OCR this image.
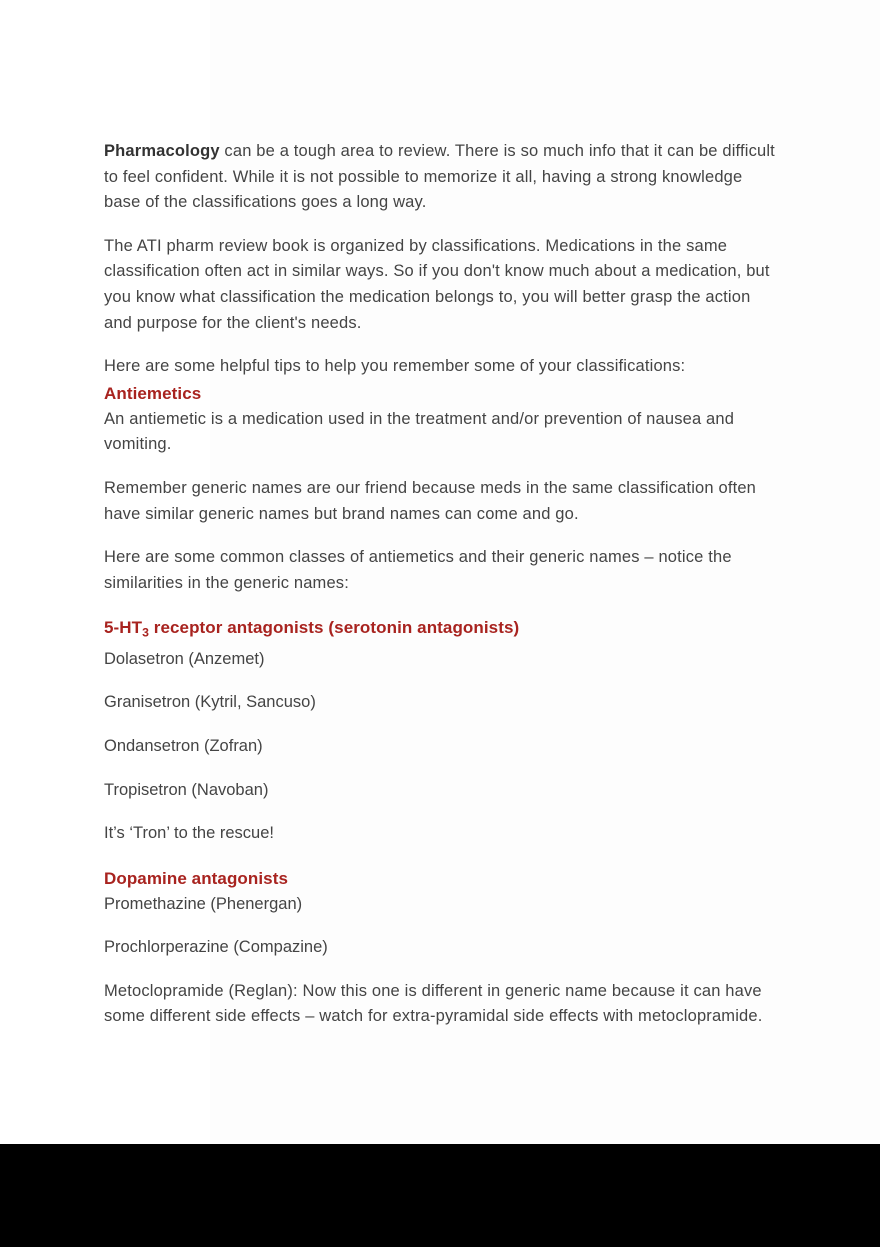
Pharmacology can be a tough area to review. There is so much info that it can be difficult to feel confident. While it is not possible to memorize it all, having a strong knowledge base of the classifications goes a long way.

The ATI pharm review book is organized by classifications. Medications in the same classification often act in similar ways. So if you don't know much about a medication, but you know what classification the medication belongs to, you will better grasp the action and purpose for the client's needs.

Here are some helpful tips to help you remember some of your classifications:

Antiemetics

An antiemetic is a medication used in the treatment and/or prevention of nausea and vomiting.

Remember generic names are our friend because meds in the same classification often have similar generic names but brand names can come and go.

Here are some common classes of antiemetics and their generic names – notice the similarities in the generic names:

$5-HT_3$ receptor antagonists (serotonin antagonists)

Dolasetron (Anzemet)

Granisetron (Kytril, Sancuso)

Ondansetron (Zofran)

Tropisetron (Navoban)

It’s ‘Tron’ to the rescue!

Dopamine antagonists

Promethazine (Phenergan)

Prochlorperazine (Compazine)

Metoclopramide (Reglan): Now this one is different in generic name because it can have some different side effects – watch for extra-pyramidal side effects with metoclopramide.
